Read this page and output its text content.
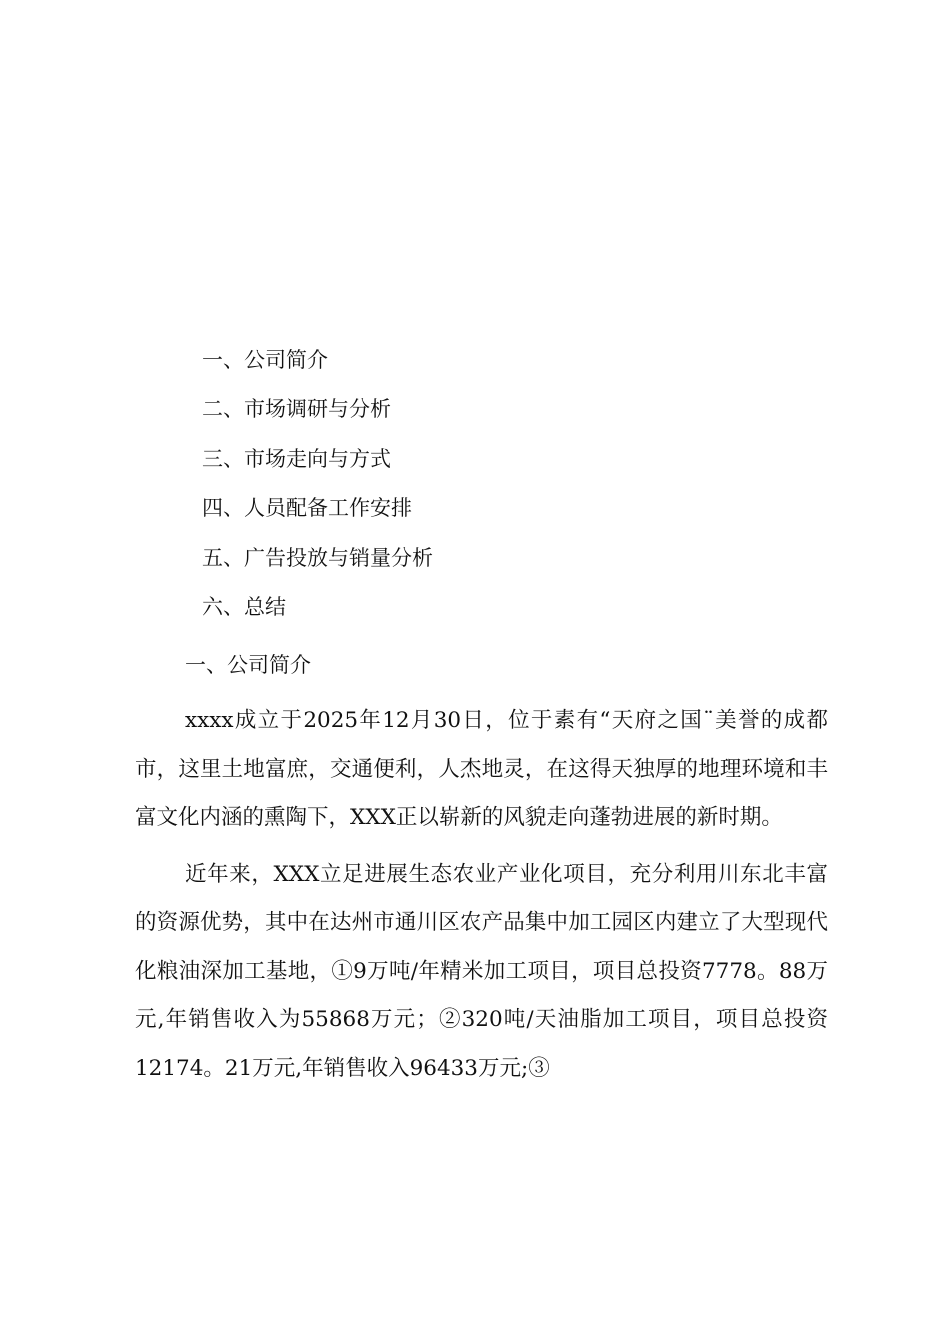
一、公司简介
二、市场调研与分析
三、市场走向与方式
四、人员配备工作安排
五、广告投放与销量分析
六、总结
一、公司简介

xxxx成立于2025年12月30日，位于素有“天府之国¨美誉的成都市，这里土地富庶，交通便利，人杰地灵，在这得天独厚的地理环境和丰富文化内涵的熏陶下，XXX正以崭新的风貌走向蓬勃进展的新时期。

近年来，XXX立足进展生态农业产业化项目，充分利用川东北丰富的资源优势，其中在达州市通川区农产品集中加工园区内建立了大型现代化粮油深加工基地，①9万吨/年精米加工项目，项目总投资7778。88万元,年销售收入为55868万元；②320吨/天油脂加工项目，项目总投资12174。21万元,年销售收入96433万元;③
